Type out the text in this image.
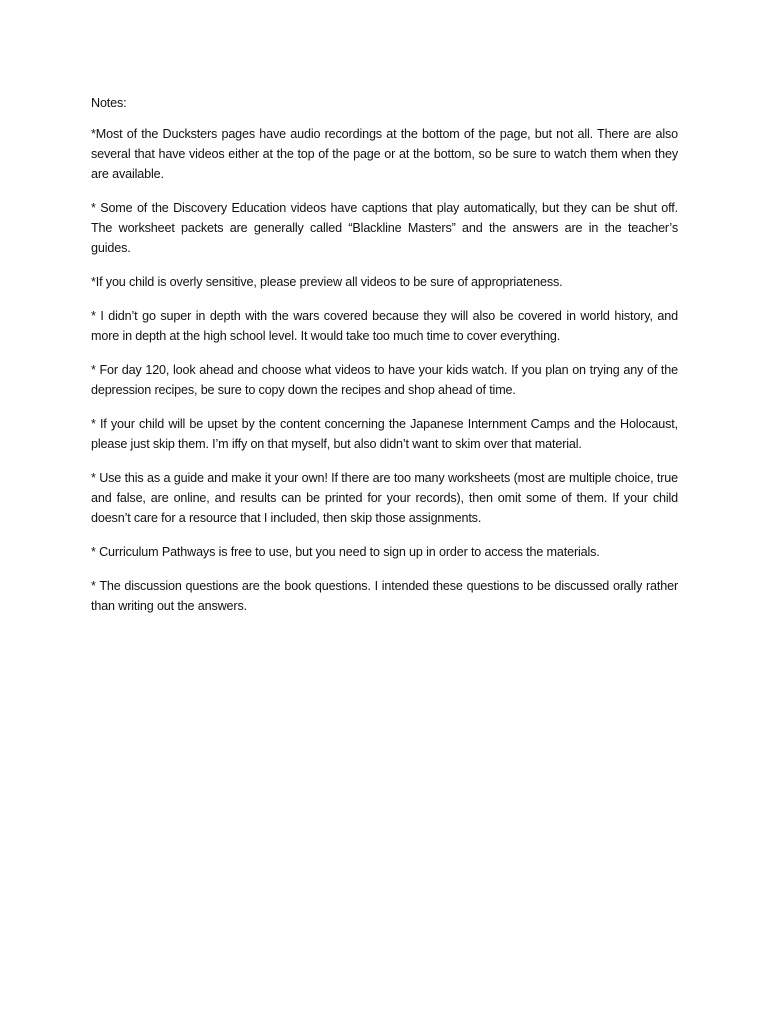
Notes:

*Most of the Ducksters pages have audio recordings at the bottom of the page, but not all. There are also several that have videos either at the top of the page or at the bottom, so be sure to watch them when they are available.

* Some of the Discovery Education videos have captions that play automatically, but they can be shut off. The worksheet packets are generally called “Blackline Masters” and the answers are in the teacher’s guides.

*If you child is overly sensitive, please preview all videos to be sure of appropriateness.

* I didn’t go super in depth with the wars covered because they will also be covered in world history, and more in depth at the high school level. It would take too much time to cover everything.

* For day 120, look ahead and choose what videos to have your kids watch. If you plan on trying any of the depression recipes, be sure to copy down the recipes and shop ahead of time.

* If your child will be upset by the content concerning the Japanese Internment Camps and the Holocaust, please just skip them. I’m iffy on that myself, but also didn’t want to skim over that material.

* Use this as a guide and make it your own! If there are too many worksheets (most are multiple choice, true and false, are online, and results can be printed for your records), then omit some of them. If your child doesn’t care for a resource that I included, then skip those assignments.

* Curriculum Pathways is free to use, but you need to sign up in order to access the materials.

* The discussion questions are the book questions. I intended these questions to be discussed orally rather than writing out the answers.
